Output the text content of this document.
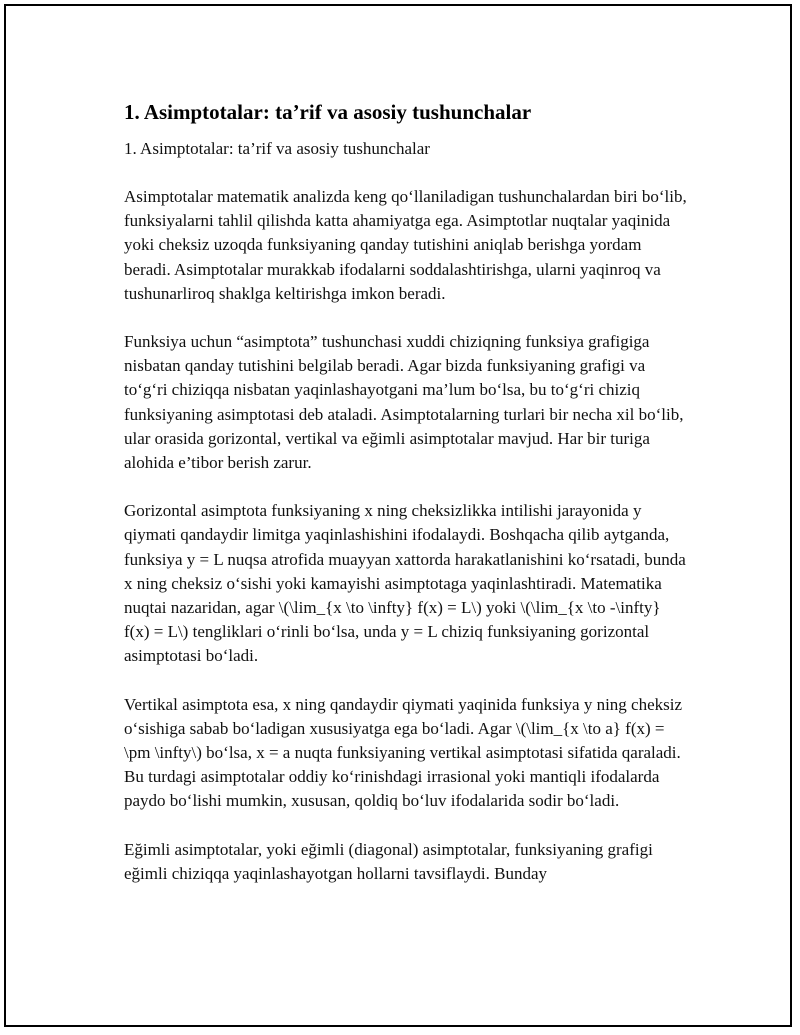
1. Asimptotalar: ta’rif va asosiy tushunchalar

1. Asimptotalar: ta’rif va asosiy tushunchalar

Asimptotalar matematik analizda keng qo‘llaniladigan tushunchalardan biri bo‘lib, funksiyalarni tahlil qilishda katta ahamiyatga ega. Asimptotlar nuqtalar yaqinida yoki cheksiz uzoqda funksiyaning qanday tutishini aniqlab berishga yordam beradi. Asimptotalar murakkab ifodalarni soddalashtirishga, ularni yaqinroq va tushunarliroq shaklga keltirishga imkon beradi.

Funksiya uchun “asimptota” tushunchasi xuddi chiziqning funksiya grafigiga nisbatan qanday tutishini belgilab beradi. Agar bizda funksiyaning grafigi va to‘g‘ri chiziqqa nisbatan yaqinlashayotgani ma’lum bo‘lsa, bu to‘g‘ri chiziq funksiyaning asimptotasi deb ataladi. Asimptotalarning turlari bir necha xil bo‘lib, ular orasida gorizontal, vertikal va eğimli asimptotalar mavjud. Har bir turiga alohida e’tibor berish zarur.

Gorizontal asimptota funksiyaning x ning cheksizlikka intilishi jarayonida y qiymati qandaydir limitga yaqinlashishini ifodalaydi. Boshqacha qilib aytganda, funksiya y = L nuqsa atrofida muayyan xattorda harakatlanishini ko‘rsatadi, bunda x ning cheksiz o‘sishi yoki kamayishi asimptotaga yaqinlashtiradi. Matematika nuqtai nazaridan, agar \(\lim_{x \to \infty} f(x) = L\) yoki \(\lim_{x \to -\infty} f(x) = L\) tengliklari o‘rinli bo‘lsa, unda y = L chiziq funksiyaning gorizontal asimptotasi bo‘ladi.

Vertikal asimptota esa, x ning qandaydir qiymati yaqinida funksiya y ning cheksiz o‘sishiga sabab bo‘ladigan xususiyatga ega bo‘ladi. Agar \(\lim_{x \to a} f(x) = \pm \infty\) bo‘lsa, x = a nuqta funksiyaning vertikal asimptotasi sifatida qaraladi. Bu turdagi asimptotalar oddiy ko‘rinishdagi irrasional yoki mantiqli ifodalarda paydo bo‘lishi mumkin, xususan, qoldiq bo‘luv ifodalarida sodir bo‘ladi.

Eğimli asimptotalar, yoki eğimli (diagonal) asimptotalar, funksiyaning grafigi eğimli chiziqqa yaqinlashayotgan hollarni tavsiflaydi. Bunday
